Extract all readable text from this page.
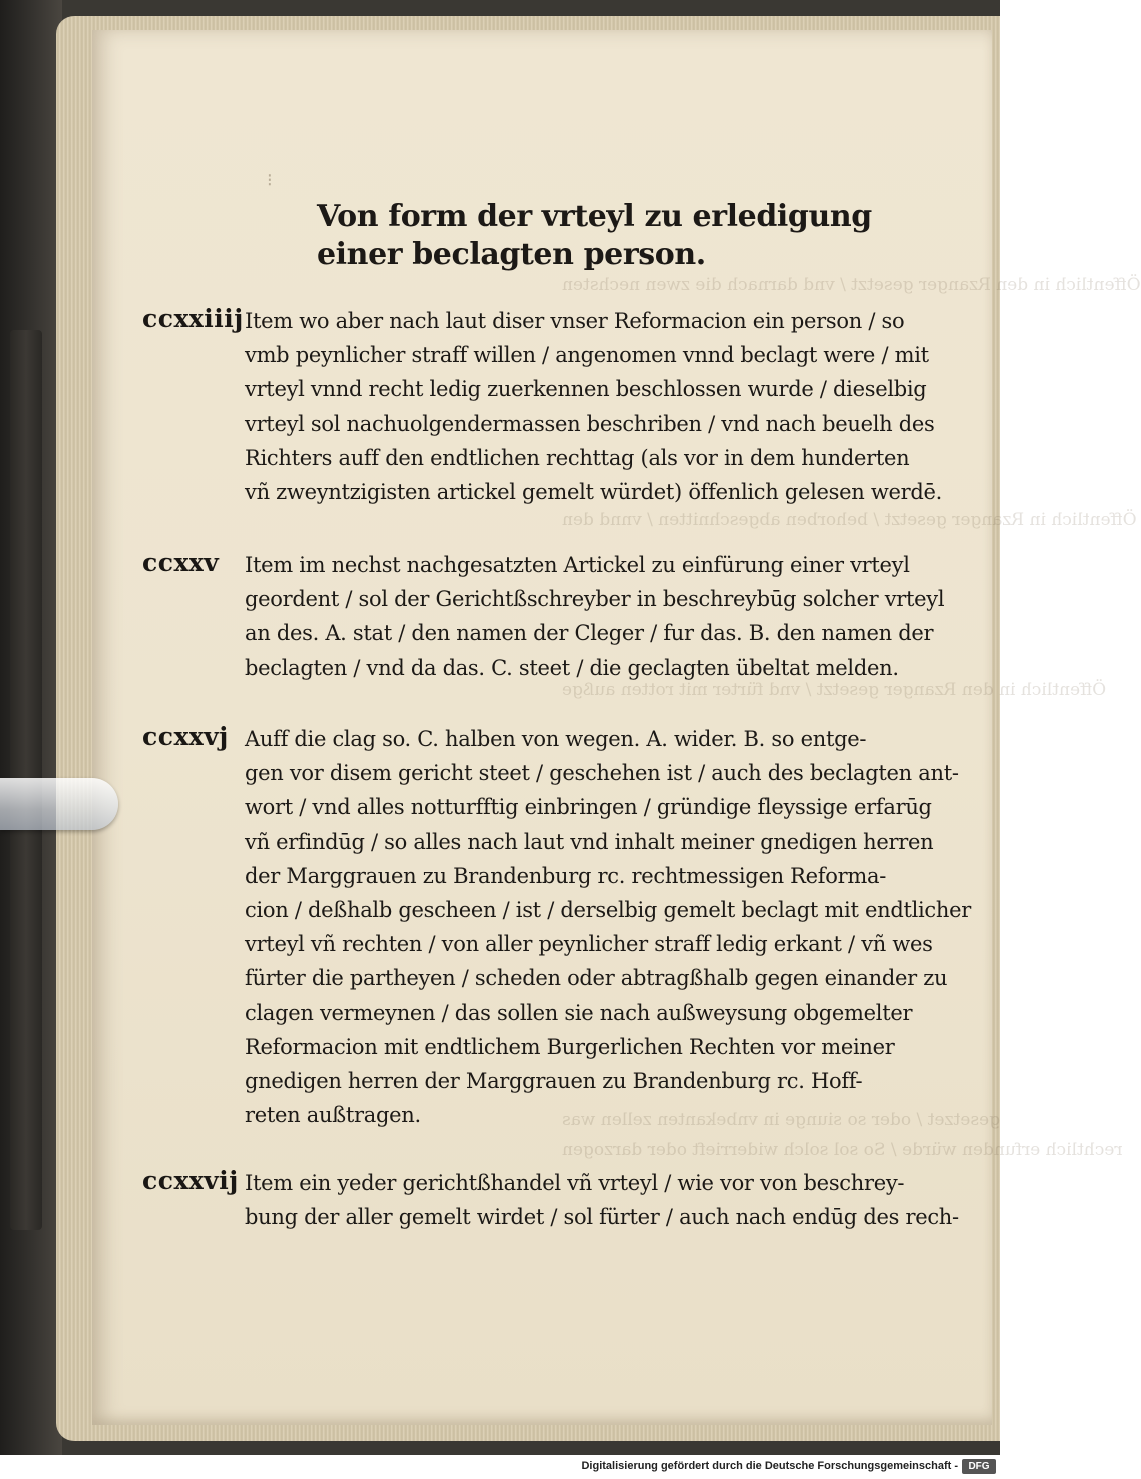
⁝
Öffentlich in den Rzanger gesetzt / vnd darnach die zwen nechsten
Öffentlich in Rzanger gesetzt / behorben abgeschnitten / vnnd den
Öffentlich in den Rzanger gesetzt / vnd fürter mit rotten außge
gesetzet / oder so siunge in vnbekanten zellen was
rechtlich erfunden würde / So sol solch widerrieft oder darzogen
Von form der vrteyl zu erledigung
einer beclagten person.
ccxxiiij Item wo aber nach laut diser vnser Reformacion ein person / so
vmb peynlicher straff willen / angenomen vnnd beclagt were / mit
vrteyl vnnd recht ledig zuerkennen beschlossen wurde / dieselbig
vrteyl sol nachuolgendermassen beschriben / vnd nach beuelh des
Richters auff den endtlichen rechttag (als vor in dem hunderten
vñ zweyntzigisten artickel gemelt würdet) öffenlich gelesen werdē.
ccxxv	Item im nechst nachgesatzten Artickel zu einfürung einer vrteyl
geordent / sol der Gerichtßschreyber in beschreybūg solcher vrteyl
an des. A. stat / den namen der Cleger / fur das. B. den namen der
beclagten / vnd da das. C. steet / die geclagten übeltat melden.
ccxxvj Auff die clag so. C. halben von wegen. A. wider. B. so entge-
gen vor disem gericht steet / geschehen ist / auch des beclagten ant-
wort / vnd alles notturfftig einbringen / gründige fleyssige erfarūg
vñ erfindūg / so alles nach laut vnd inhalt meiner gnedigen herren
der Marggrauen zu Brandenburg rc. rechtmessigen Reforma-
cion / deßhalb gescheen / ist / derselbig gemelt beclagt mit endtlicher
vrteyl vñ rechten / von aller peynlicher straff ledig erkant / vñ wes
fürter die partheyen / scheden oder abtragßhalb gegen einander zu
clagen vermeynen / das sollen sie nach außweysung obgemelter
Reformacion mit endtlichem Burgerlichen Rechten vor meiner
gnedigen herren der Marggrauen zu Brandenburg rc. Hoff-
reten außtragen.
ccxxvij Item ein yeder gerichtßhandel vñ vrteyl / wie vor von beschrey-
bung der aller gemelt wirdet / sol fürter / auch nach endūg des rech-
Digitalisierung gefördert durch die Deutsche Forschungsgemeinschaft -	DFG
